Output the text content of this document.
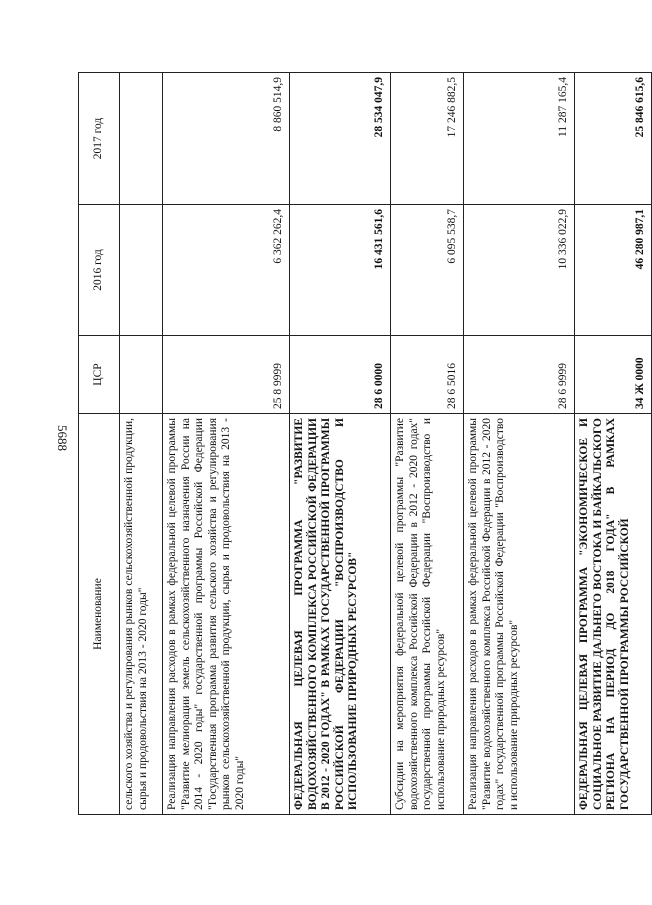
5688
Наименование	ЦСР	2016 год	2017 год
сельского хозяйства и регулирования рынков сельскохозяйственной продукции, сырья и продовольствия на 2013 - 2020 годы"			
Реализация направления расходов в рамках федеральной целевой программы "Развитие мелиорации земель сельскохозяйственного назначения России на 2014 - 2020 годы" государственной программы Российской Федерации "Государственная программа развития сельского хозяйства и регулирования рынков сельскохозяйственной продукции, сырья и продовольствия на 2013 - 2020 годы"	25 8 9999	6 362 262,4	8 860 514,9
ФЕДЕРАЛЬНАЯ ЦЕЛЕВАЯ ПРОГРАММА "РАЗВИТИЕ ВОДОХОЗЯЙСТВЕННОГО КОМПЛЕКСА РОССИЙСКОЙ ФЕДЕРАЦИИ В 2012 - 2020 ГОДАХ" В РАМКАХ ГОСУДАРСТВЕННОЙ ПРОГРАММЫ РОССИЙСКОЙ ФЕДЕРАЦИИ "ВОСПРОИЗВОДСТВО И ИСПОЛЬЗОВАНИЕ ПРИРОДНЫХ РЕСУРСОВ"	28 6 0000	16 431 561,6	28 534 047,9
Субсидии на мероприятия федеральной целевой программы "Развитие водохозяйственного комплекса Российской Федерации в 2012 - 2020 годах" государственной программы Российской Федерации "Воспроизводство и использование природных ресурсов"	28 6 5016	6 095 538,7	17 246 882,5
Реализация направления расходов в рамках федеральной целевой программы "Развитие водохозяйственного комплекса Российской Федерации в 2012 - 2020 годах" государственной программы Российской Федерации "Воспроизводство и использование природных ресурсов"	28 6 9999	10 336 022,9	11 287 165,4
ФЕДЕРАЛЬНАЯ ЦЕЛЕВАЯ ПРОГРАММА "ЭКОНОМИЧЕСКОЕ И СОЦИАЛЬНОЕ РАЗВИТИЕ ДАЛЬНЕГО ВОСТОКА И БАЙКАЛЬСКОГО РЕГИОНА НА ПЕРИОД ДО 2018 ГОДА" В РАМКАХ ГОСУДАРСТВЕННОЙ ПРОГРАММЫ РОССИЙСКОЙ	34 Ж 0000	46 280 987,1	25 846 615,6
